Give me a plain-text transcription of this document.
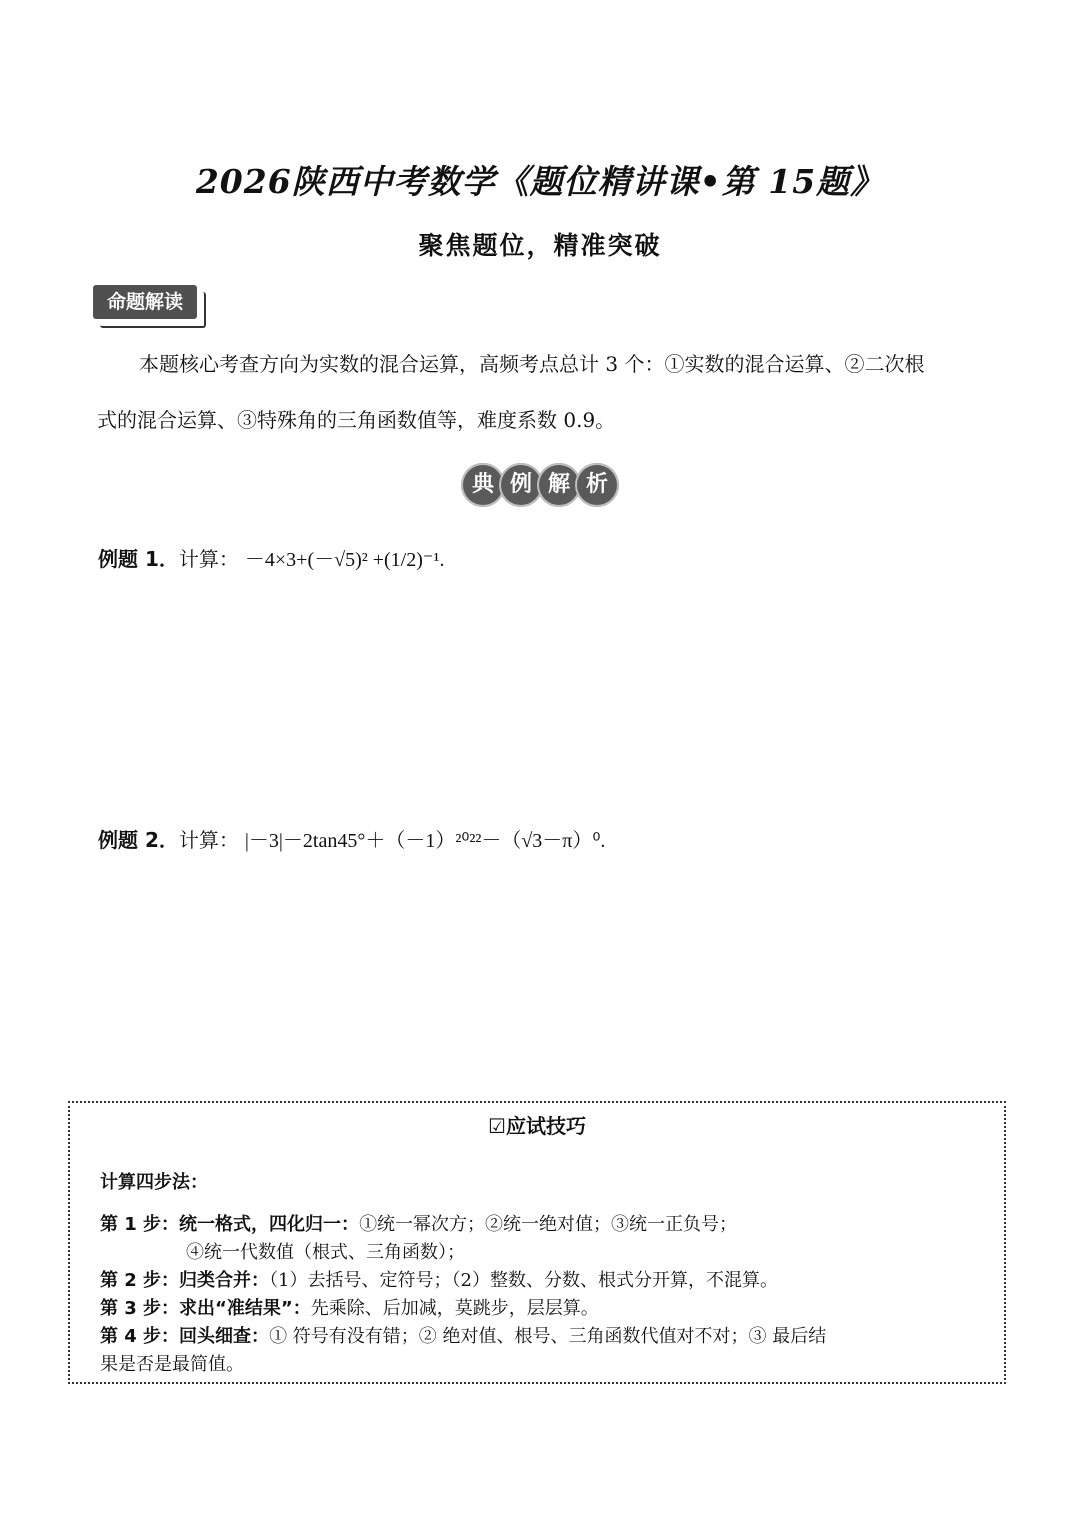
2026陕西中考数学《题位精讲课•第 15题》
聚焦题位，精准突破
命题解读
本题核心考查方向为实数的混合运算，高频考点总计 3 个：①实数的混合运算、②二次根
式的混合运算、③特殊角的三角函数值等，难度系数 0.9。
典 例 解 析
例题 1．计算： －4×3+(－√5)² +(1/2)⁻¹.
例题 2．计算： |－3|－2tan45°＋（－1）²⁰²²－（√3－π）⁰.
☑应试技巧
计算四步法：
第 1 步：统一格式，四化归一：①统一幂次方；②统一绝对值；③统一正负号；
④统一代数值（根式、三角函数）；
第 2 步：归类合并：（1）去括号、定符号；（2）整数、分数、根式分开算，不混算。
第 3 步：求出“准结果”：先乘除、后加减，莫跳步，层层算。
第 4 步：回头细查：① 符号有没有错；② 绝对值、根号、三角函数代值对不对；③ 最后结
果是否是最简值。
